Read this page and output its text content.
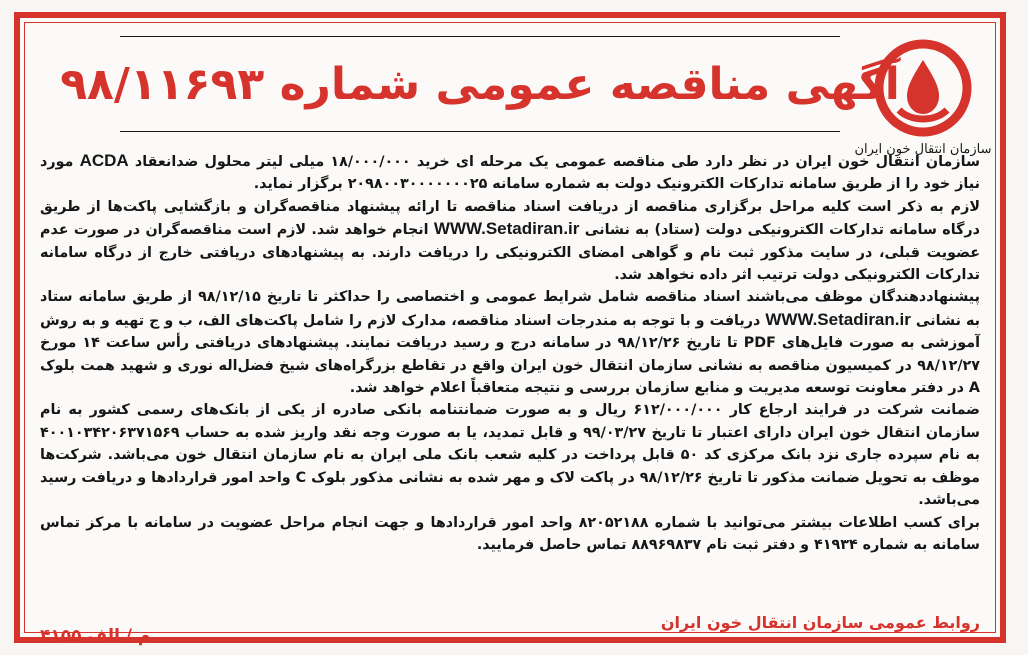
سازمان انتقال خون ایران
آگهی مناقصه عمومی شماره ۹۸/۱۱۶۹۳

سازمان انتقال خون ایران در نظر دارد طی مناقصه عمومی یک مرحله ای خرید ۱۸/۰۰۰/۰۰۰ میلی لیتر محلول ضدانعقاد ACDA مورد نیاز خود را از طریق سامانه تدارکات الکترونیک دولت به شماره سامانه ۲۰۹۸۰۰۳۰۰۰۰۰۰۰۲۵ برگزار نماید.

لازم به ذکر است کلیه مراحل برگزاری مناقصه از دریافت اسناد مناقصه تا ارائه پیشنهاد مناقصه‌گران و بازگشایی پاکت‌ها از طریق درگاه سامانه تدارکات الکترونیکی دولت (ستاد) به نشانی WWW.Setadiran.ir انجام خواهد شد. لازم است مناقصه‌گران در صورت عدم عضویت قبلی، در سایت مذکور ثبت نام و گواهی امضای الکترونیکی را دریافت دارند. به پیشنهادهای دریافتی خارج از درگاه سامانه تدارکات الکترونیکی دولت ترتیب اثر داده نخواهد شد.

پیشنهاددهندگان موظف می‌باشند اسناد مناقصه شامل شرایط عمومی و اختصاصی را حداکثر تا تاریخ ۹۸/۱۲/۱۵ از طریق سامانه ستاد به نشانی WWW.Setadiran.ir دریافت و با توجه به مندرجات اسناد مناقصه، مدارک لازم را شامل پاکت‌های الف، ب و ج تهیه و به روش آموزشی به صورت فایل‌های PDF تا تاریخ ۹۸/۱۲/۲۶ در سامانه درج و رسید دریافت نمایند. پیشنهادهای دریافتی رأس ساعت ۱۴ مورخ ۹۸/۱۲/۲۷ در کمیسیون مناقصه به نشانی سازمان انتقال خون ایران واقع در تقاطع بزرگراه‌های شیخ فضل‌اله نوری و شهید همت بلوک A در دفتر معاونت توسعه مدیریت و منابع سازمان بررسی و نتیجه متعاقباً اعلام خواهد شد.

ضمانت شرکت در فرایند ارجاع کار ۶۱۲/۰۰۰/۰۰۰ ریال و به صورت ضمانتنامه بانکی صادره از یکی از بانک‌های رسمی کشور به نام سازمان انتقال خون ایران دارای اعتبار تا تاریخ ۹۹/۰۳/۲۷ و قابل تمدید، یا به صورت وجه نقد واریز شده به حساب ۴۰۰۱۰۳۴۲۰۶۳۷۱۵۶۹ به نام سپرده جاری نزد بانک مرکزی کد ۵۰ قابل پرداخت در کلیه شعب بانک ملی ایران به نام سازمان انتقال خون می‌باشد. شرکت‌ها موظف به تحویل ضمانت مذکور تا تاریخ ۹۸/۱۲/۲۶ در پاکت لاک و مهر شده به نشانی مذکور بلوک C واحد امور قراردادها و دریافت رسید می‌باشد.

برای کسب اطلاعات بیشتر می‌توانید با شماره ۸۲۰۵۲۱۸۸ واحد امور قراردادها و جهت انجام مراحل عضویت در سامانه با مرکز تماس سامانه به شماره ۴۱۹۳۴ و دفتر ثبت نام ۸۸۹۶۹۸۳۷ تماس حاصل فرمایید.

روابط عمومی سازمان انتقال خون ایران
م / الف ۴۱۵۵
